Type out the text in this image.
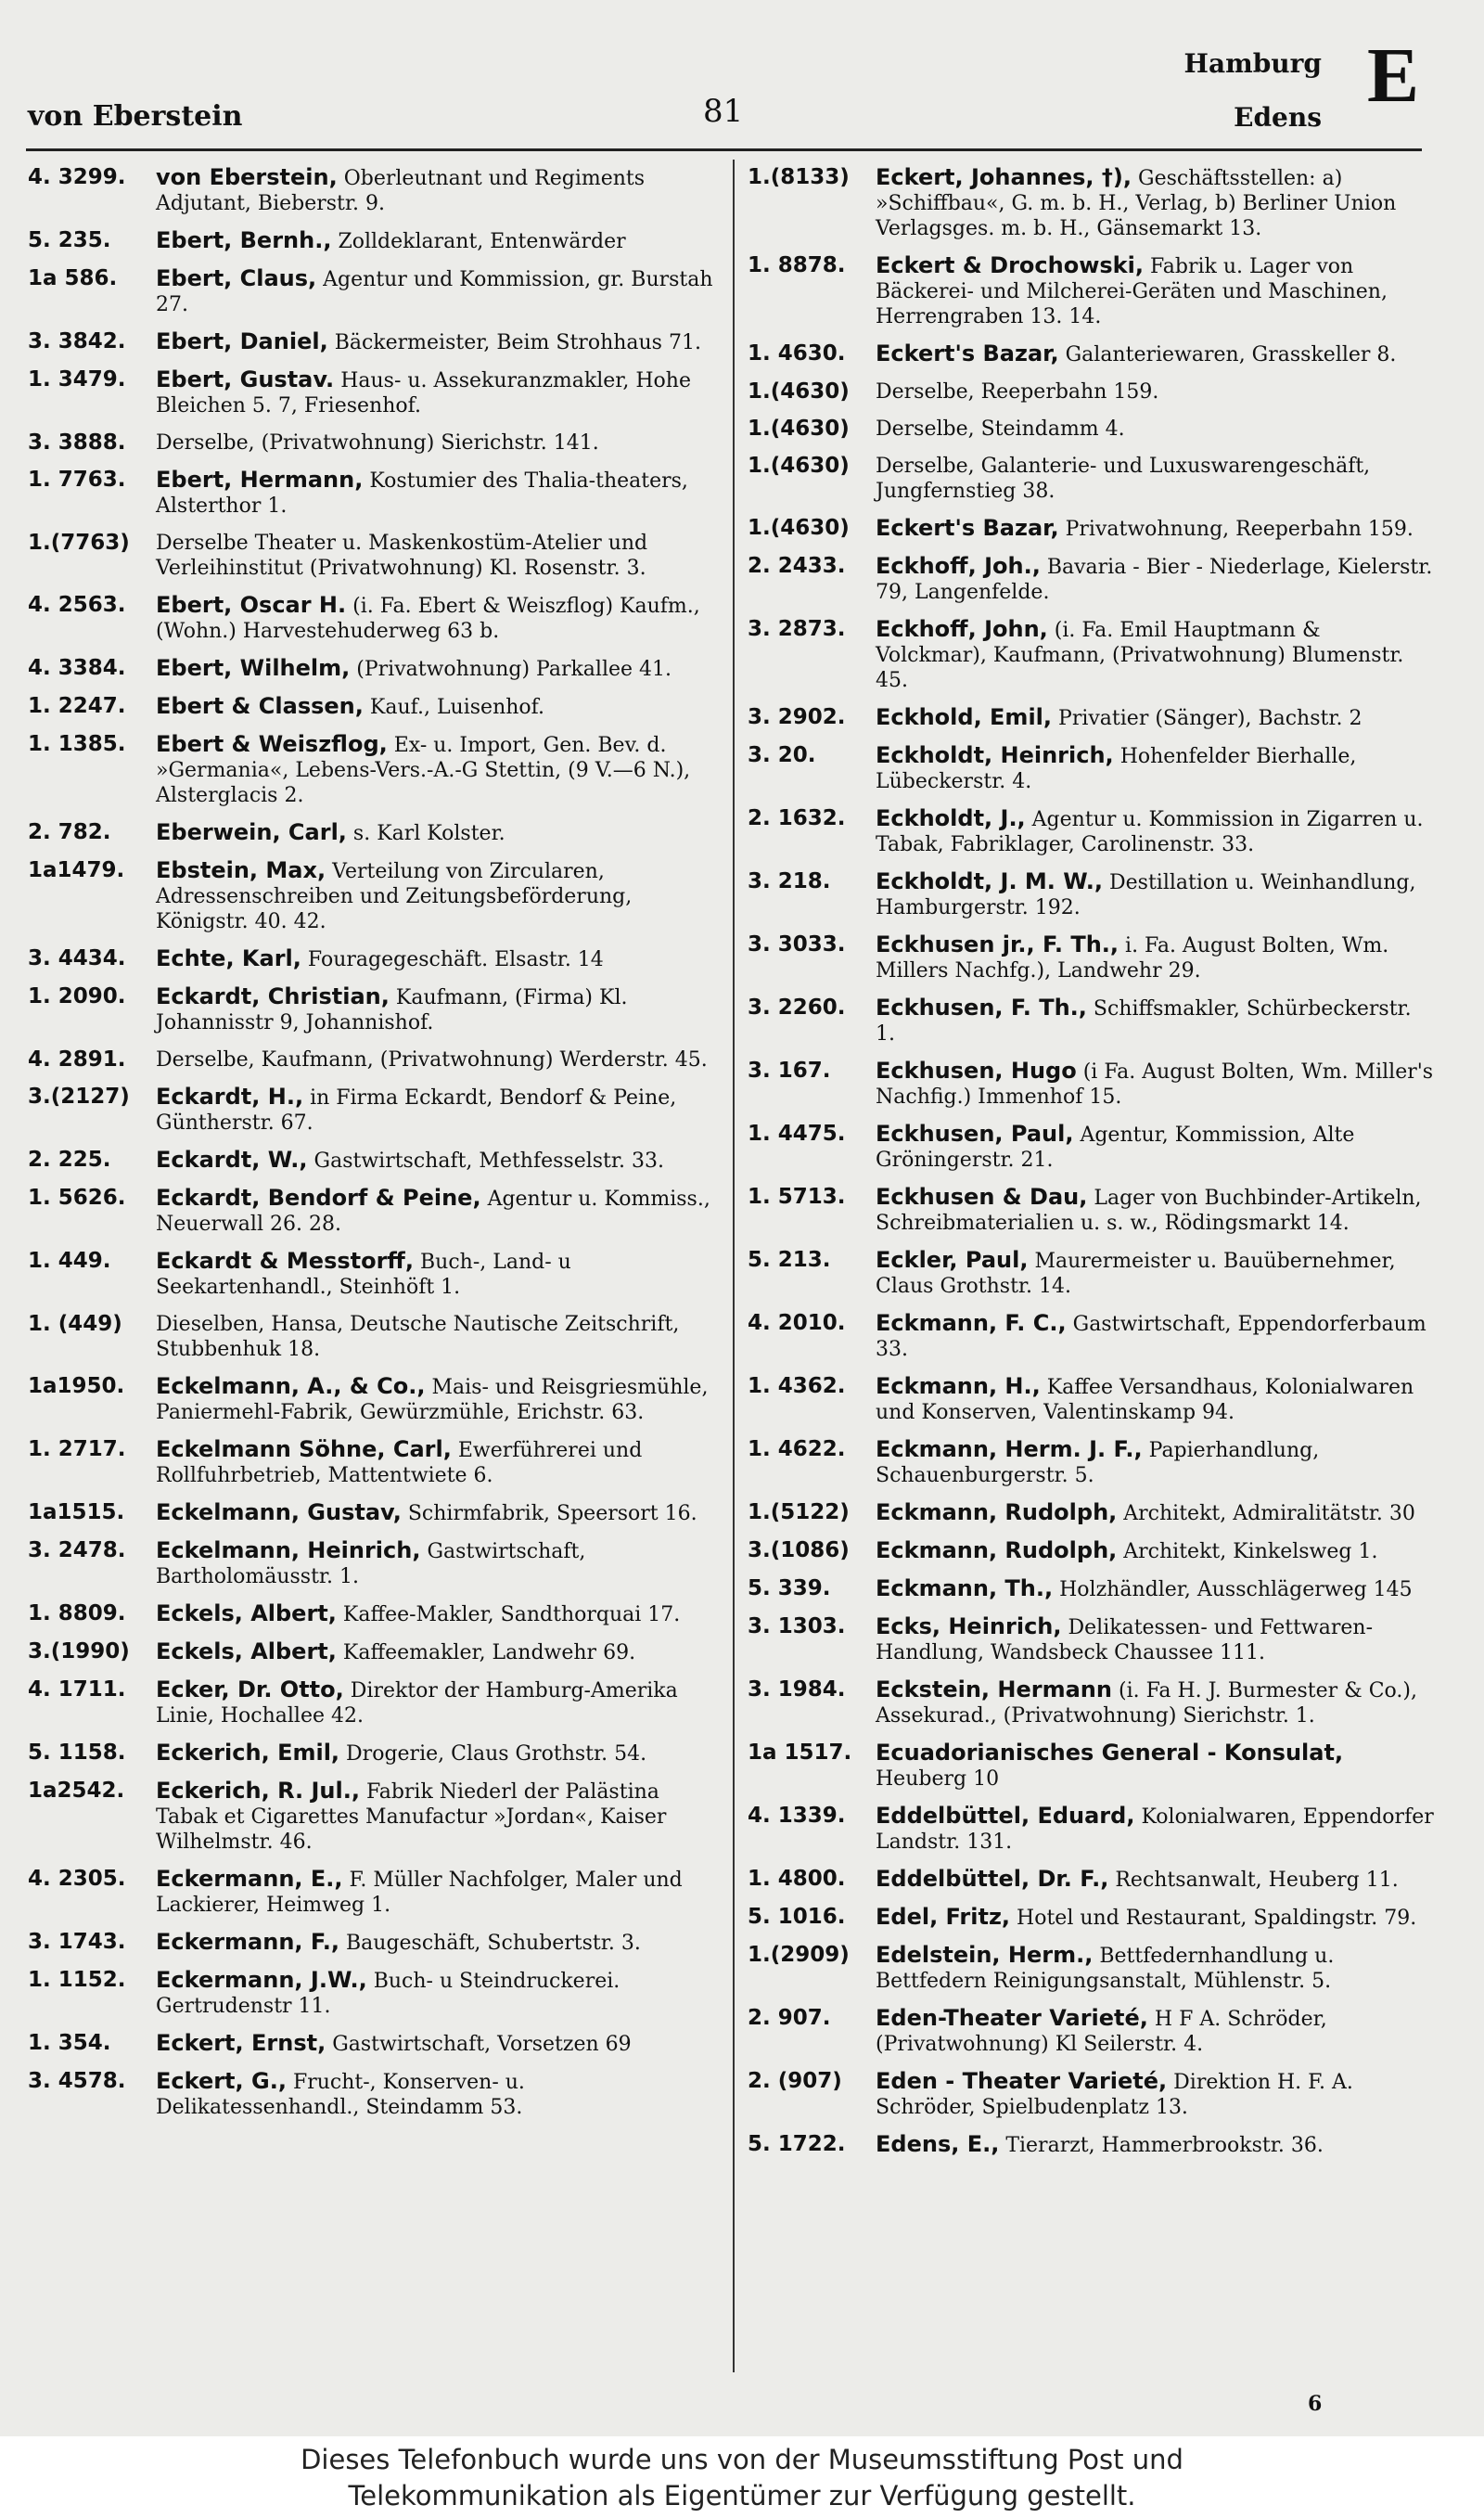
von Eberstein	81
Hamburg
Edens E
4. 3299.	von Eberstein, Oberleutnant und Regiments Adjutant, Bieberstr. 9.
5. 235.	Ebert, Bernh., Zolldeklarant, Entenwärder
1a 586.	Ebert, Claus, Agentur und Kommission, gr. Burstah 27.
3. 3842.	Ebert, Daniel, Bäckermeister, Beim Strohhaus 71.
1. 3479.	Ebert, Gustav. Haus- u. Assekuranzmakler, Hohe Bleichen 5. 7, Friesenhof.
3. 3888.	Derselbe, (Privatwohnung) Sierichstr. 141.
1. 7763.	Ebert, Hermann, Kostumier des Thalia-theaters, Alsterthor 1.
1.(7763)	Derselbe Theater u. Maskenkostüm-Atelier und Verleihinstitut (Privatwohnung) Kl. Rosenstr. 3.
4. 2563.	Ebert, Oscar H. (i. Fa. Ebert & Weiszflog) Kaufm., (Wohn.) Harvestehuderweg 63 b.
4. 3384.	Ebert, Wilhelm, (Privatwohnung) Parkallee 41.
1. 2247.	Ebert & Classen, Kauf., Luisenhof.
1. 1385.	Ebert & Weiszflog, Ex- u. Import, Gen. Bev. d. »Germania«, Lebens-Vers.-A.-G Stettin, (9 V.—6 N.), Alsterglacis 2.
2. 782.	Eberwein, Carl, s. Karl Kolster.
1a1479.	Ebstein, Max, Verteilung von Zircularen, Adressenschreiben und Zeitungsbeförderung, Königstr. 40. 42.
3. 4434.	Echte, Karl, Fouragegeschäft. Elsastr. 14
1. 2090.	Eckardt, Christian, Kaufmann, (Firma) Kl. Johannisstr 9, Johannishof.
4. 2891.	Derselbe, Kaufmann, (Privatwohnung) Werderstr. 45.
3.(2127)	Eckardt, H., in Firma Eckardt, Bendorf & Peine, Güntherstr. 67.
2. 225.	Eckardt, W., Gastwirtschaft, Methfesselstr. 33.
1. 5626.	Eckardt, Bendorf & Peine, Agentur u. Kommiss., Neuerwall 26. 28.
1. 449.	Eckardt & Messtorff, Buch-, Land- u Seekartenhandl., Steinhöft 1.
1. (449)	Dieselben, Hansa, Deutsche Nautische Zeitschrift, Stubbenhuk 18.
1a1950.	Eckelmann, A., & Co., Mais- und Reisgriesmühle, Paniermehl-Fabrik, Gewürzmühle, Erichstr. 63.
1. 2717.	Eckelmann Söhne, Carl, Ewerführerei und Rollfuhrbetrieb, Mattentwiete 6.
1a1515.	Eckelmann, Gustav, Schirmfabrik, Speersort 16.
3. 2478.	Eckelmann, Heinrich, Gastwirtschaft, Bartholomäusstr. 1.
1. 8809.	Eckels, Albert, Kaffee-Makler, Sandthorquai 17.
3.(1990)	Eckels, Albert, Kaffeemakler, Landwehr 69.
4. 1711.	Ecker, Dr. Otto, Direktor der Hamburg-Amerika Linie, Hochallee 42.
5. 1158.	Eckerich, Emil, Drogerie, Claus Grothstr. 54.
1a2542.	Eckerich, R. Jul., Fabrik Niederl der Palästina Tabak et Cigarettes Manufactur »Jordan«, Kaiser Wilhelmstr. 46.
4. 2305.	Eckermann, E., F. Müller Nachfolger, Maler und Lackierer, Heimweg 1.
3. 1743.	Eckermann, F., Baugeschäft, Schubertstr. 3.
1. 1152.	Eckermann, J.W., Buch- u Steindruckerei. Gertrudenstr 11.
1. 354.	Eckert, Ernst, Gastwirtschaft, Vorsetzen 69
3. 4578.	Eckert, G., Frucht-, Konserven- u. Delikatessenhandl., Steindamm 53.
1.(8133)	Eckert, Johannes, †), Geschäftsstellen: a) »Schiffbau«, G. m. b. H., Verlag, b) Berliner Union Verlagsges. m. b. H., Gänsemarkt 13.
1. 8878.	Eckert & Drochowski, Fabrik u. Lager von Bäckerei- und Milcherei-Geräten und Maschinen, Herrengraben 13. 14.
1. 4630.	Eckert's Bazar, Galanteriewaren, Grasskeller 8.
1.(4630)	Derselbe, Reeperbahn 159.
1.(4630)	Derselbe, Steindamm 4.
1.(4630)	Derselbe, Galanterie- und Luxuswarengeschäft, Jungfernstieg 38.
1.(4630)	Eckert's Bazar, Privatwohnung, Reeperbahn 159.
2. 2433.	Eckhoff, Joh., Bavaria - Bier - Niederlage, Kielerstr. 79, Langenfelde.
3. 2873.	Eckhoff, John, (i. Fa. Emil Hauptmann & Volckmar), Kaufmann, (Privatwohnung) Blumenstr. 45.
3. 2902.	Eckhold, Emil, Privatier (Sänger), Bachstr. 2
3. 20.	Eckholdt, Heinrich, Hohenfelder Bierhalle, Lübeckerstr. 4.
2. 1632.	Eckholdt, J., Agentur u. Kommission in Zigarren u. Tabak, Fabriklager, Carolinenstr. 33.
3. 218.	Eckholdt, J. M. W., Destillation u. Weinhandlung, Hamburgerstr. 192.
3. 3033.	Eckhusen jr., F. Th., i. Fa. August Bolten, Wm. Millers Nachfg.), Landwehr 29.
3. 2260.	Eckhusen, F. Th., Schiffsmakler, Schürbeckerstr. 1.
3. 167.	Eckhusen, Hugo (i Fa. August Bolten, Wm. Miller's Nachfig.) Immenhof 15.
1. 4475.	Eckhusen, Paul, Agentur, Kommission, Alte Gröningerstr. 21.
1. 5713.	Eckhusen & Dau, Lager von Buchbinder-Artikeln, Schreibmaterialien u. s. w., Rödingsmarkt 14.
5. 213.	Eckler, Paul, Maurermeister u. Bauübernehmer, Claus Grothstr. 14.
4. 2010.	Eckmann, F. C., Gastwirtschaft, Eppendorferbaum 33.
1. 4362.	Eckmann, H., Kaffee Versandhaus, Kolonialwaren und Konserven, Valentinskamp 94.
1. 4622.	Eckmann, Herm. J. F., Papierhandlung, Schauenburgerstr. 5.
1.(5122)	Eckmann, Rudolph, Architekt, Admiralitätstr. 30
3.(1086)	Eckmann, Rudolph, Architekt, Kinkelsweg 1.
5. 339.	Eckmann, Th., Holzhändler, Ausschlägerweg 145
3. 1303.	Ecks, Heinrich, Delikatessen- und Fettwaren-Handlung, Wandsbeck Chaussee 111.
3. 1984.	Eckstein, Hermann (i. Fa H. J. Burmester & Co.), Assekurad., (Privatwohnung) Sierichstr. 1.
1a 1517.	Ecuadorianisches General - Konsulat, Heuberg 10
4. 1339.	Eddelbüttel, Eduard, Kolonialwaren, Eppendorfer Landstr. 131.
1. 4800.	Eddelbüttel, Dr. F., Rechtsanwalt, Heuberg 11.
5. 1016.	Edel, Fritz, Hotel und Restaurant, Spaldingstr. 79.
1.(2909)	Edelstein, Herm., Bettfedernhandlung u. Bettfedern Reinigungsanstalt, Mühlenstr. 5.
2. 907.	Eden-Theater Varieté, H F A. Schröder, (Privatwohnung) Kl Seilerstr. 4.
2. (907)	Eden - Theater Varieté, Direktion H. F. A. Schröder, Spielbudenplatz 13.
5. 1722.	Edens, E., Tierarzt, Hammerbrookstr. 36.
6
Dieses Telefonbuch wurde uns von der Museumsstiftung Post und
Telekommunikation als Eigentümer zur Verfügung gestellt.
